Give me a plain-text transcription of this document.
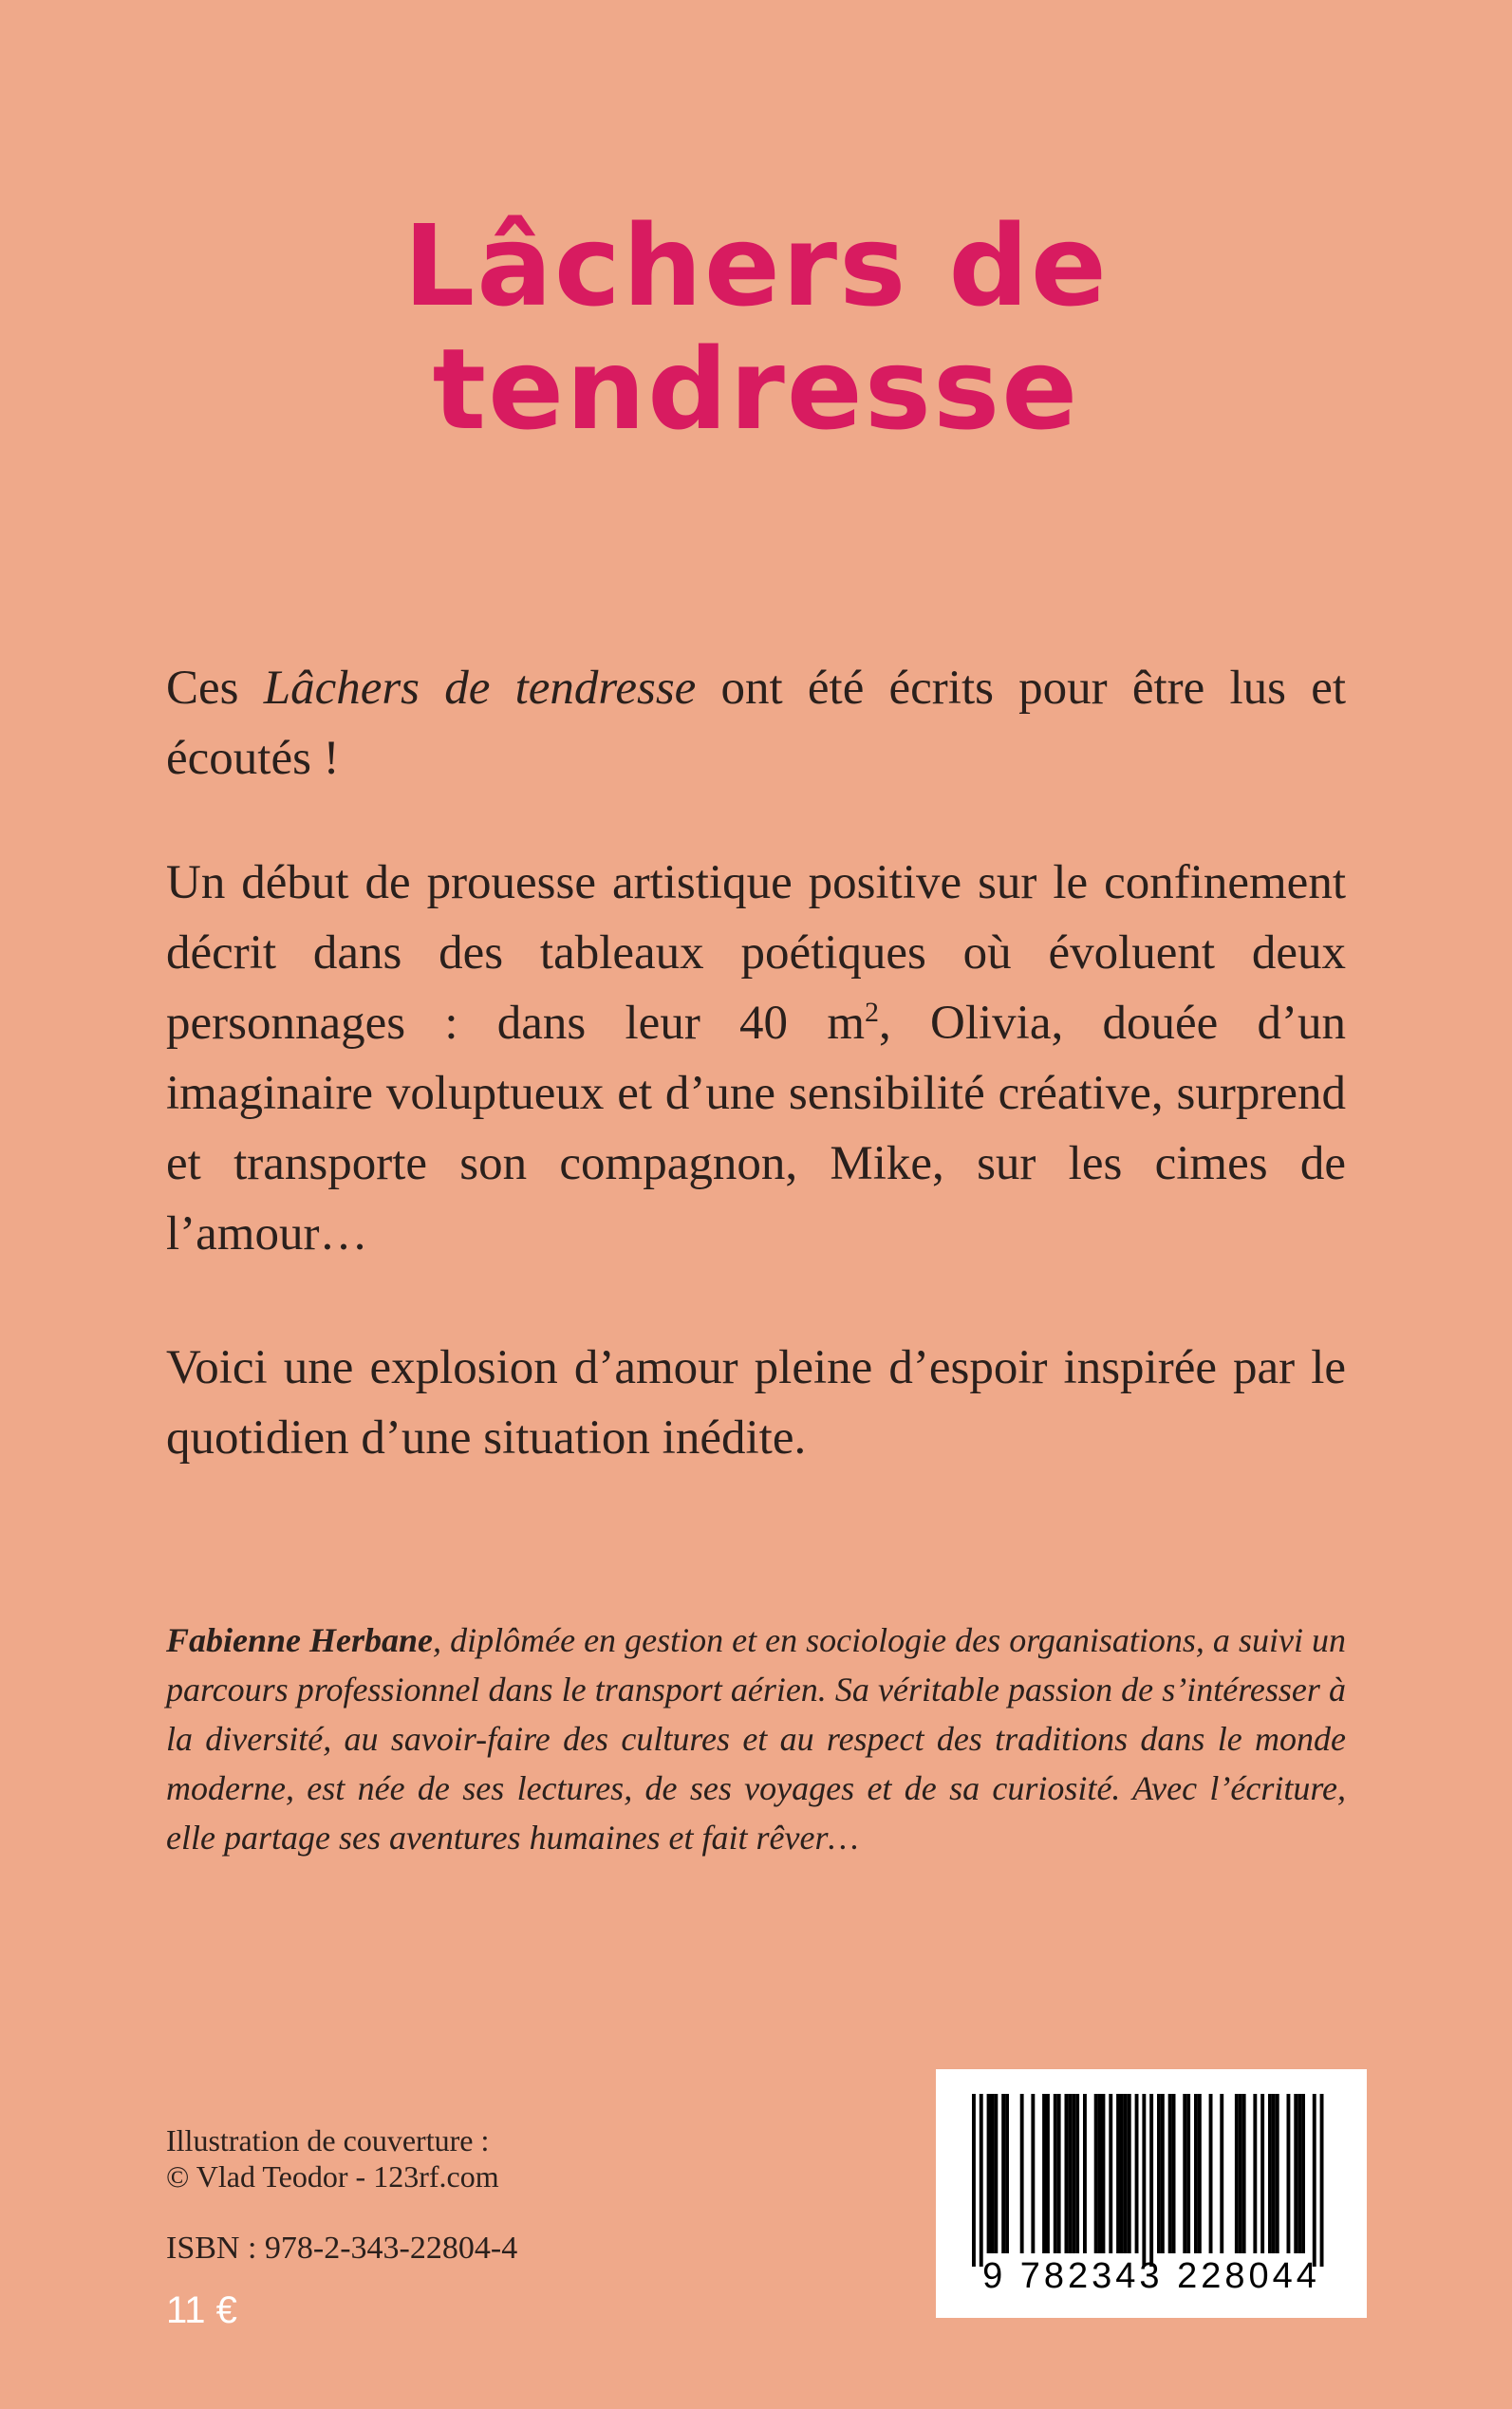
Lâchers de
tendresse

Ces Lâchers de tendresse ont été écrits pour être lus et écoutés !

Un début de prouesse artistique positive sur le confinement décrit dans des tableaux poétiques où évoluent deux personnages : dans leur 40 $m^2$, Olivia, douée d’un imaginaire voluptueux et d’une sensibilité créative, surprend et transporte son compagnon, Mike, sur les cimes de l’amour…

Voici une explosion d’amour pleine d’espoir inspirée par le quotidien d’une situation inédite.

Fabienne Herbane, diplômée en gestion et en sociologie des organisations, a suivi un parcours professionnel dans le transport aérien. Sa véritable passion de s’intéresser à la diversité, au savoir-faire des cultures et au respect des traditions dans le monde moderne, est née de ses lectures, de ses voyages et de sa curiosité. Avec l’écriture, elle partage ses aventures humaines et fait rêver…
Illustration de couverture :
© Vlad Teodor - 123rf.com
ISBN : 978-2-343-22804-4
11 €
9 782343 228044
